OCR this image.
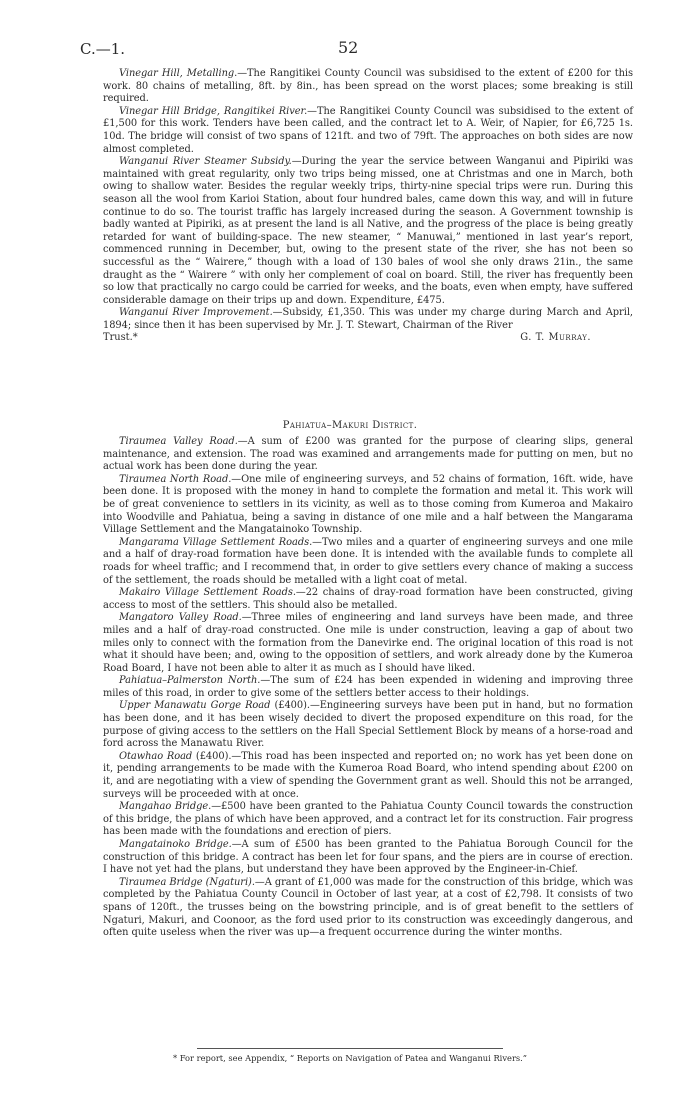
C.—1.	52

Vinegar Hill, Metalling.—The Rangitikei County Council was subsidised to the extent of £200 for this work. 80 chains of metalling, 8ft. by 8in., has been spread on the worst places; some breaking is still required.

Vinegar Hill Bridge, Rangitikei River.—The Rangitikei County Council was subsidised to the extent of £1,500 for this work. Tenders have been called, and the contract let to A. Weir, of Napier, for £6,725 1s. 10d. The bridge will consist of two spans of 121ft. and two of 79ft. The approaches on both sides are now almost completed.

Wanganui River Steamer Subsidy.—During the year the service between Wanganui and Pipiriki was maintained with great regularity, only two trips being missed, one at Christmas and one in March, both owing to shallow water. Besides the regular weekly trips, thirty-nine special trips were run. During this season all the wool from Karioi Station, about four hundred bales, came down this way, and will in future continue to do so. The tourist traffic has largely increased during the season. A Government township is badly wanted at Pipiriki, as at present the land is all Native, and the progress of the place is being greatly retarded for want of building-space. The new steamer, “ Manuwai,” mentioned in last year’s report, commenced running in December, but, owing to the present state of the river, she has not been so successful as the “ Wairere,” though with a load of 130 bales of wool she only draws 21in., the same draught as the “ Wairere ” with only her complement of coal on board. Still, the river has frequently been so low that practically no cargo could be carried for weeks, and the boats, even when empty, have suffered considerable damage on their trips up and down. Expenditure, £475.

Wanganui River Improvement.—Subsidy, £1,350. This was under my charge during March and April, 1894; since then it has been supervised by Mr. J. T. Stewart, Chairman of the River

Trust.*	G. T. Murray.
Pahiatua–Makuri District.

Tiraumea Valley Road.—A sum of £200 was granted for the purpose of clearing slips, general maintenance, and extension. The road was examined and arrangements made for putting on men, but no actual work has been done during the year.

Tiraumea North Road.—One mile of engineering surveys, and 52 chains of formation, 16ft. wide, have been done. It is proposed with the money in hand to complete the formation and metal it. This work will be of great convenience to settlers in its vicinity, as well as to those coming from Kumeroa and Makairo into Woodville and Pahiatua, being a saving in distance of one mile and a half between the Mangarama Village Settlement and the Mangatainoko Township.

Mangarama Village Settlement Roads.—Two miles and a quarter of engineering surveys and one mile and a half of dray-road formation have been done. It is intended with the available funds to complete all roads for wheel traffic; and I recommend that, in order to give settlers every chance of making a success of the settlement, the roads should be metalled with a light coat of metal.

Makairo Village Settlement Roads.—22 chains of dray-road formation have been constructed, giving access to most of the settlers. This should also be metalled.

Mangatoro Valley Road.—Three miles of engineering and land surveys have been made, and three miles and a half of dray-road constructed. One mile is under construction, leaving a gap of about two miles only to connect with the formation from the Danevirke end. The original location of this road is not what it should have been; and, owing to the opposition of settlers, and work already done by the Kumeroa Road Board, I have not been able to alter it as much as I should have liked.

Pahiatua–Palmerston North.—The sum of £24 has been expended in widening and improving three miles of this road, in order to give some of the settlers better access to their holdings.

Upper Manawatu Gorge Road (£400).—Engineering surveys have been put in hand, but no formation has been done, and it has been wisely decided to divert the proposed expenditure on this road, for the purpose of giving access to the settlers on the Hall Special Settlement Block by means of a horse-road and ford across the Manawatu River.

Otawhao Road (£400).—This road has been inspected and reported on; no work has yet been done on it, pending arrangements to be made with the Kumeroa Road Board, who intend spending about £200 on it, and are negotiating with a view of spending the Government grant as well. Should this not be arranged, surveys will be proceeded with at once.

Mangahao Bridge.—£500 have been granted to the Pahiatua County Council towards the construction of this bridge, the plans of which have been approved, and a contract let for its construction. Fair progress has been made with the foundations and erection of piers.

Mangatainoko Bridge.—A sum of £500 has been granted to the Pahiatua Borough Council for the construction of this bridge. A contract has been let for four spans, and the piers are in course of erection. I have not yet had the plans, but understand they have been approved by the Engineer-in-Chief.

Tiraumea Bridge (Ngaturi).—A grant of £1,000 was made for the construction of this bridge, which was completed by the Pahiatua County Council in October of last year, at a cost of £2,798. It consists of two spans of 120ft., the trusses being on the bowstring principle, and is of great benefit to the settlers of Ngaturi, Makuri, and Coonoor, as the ford used prior to its construction was exceedingly dangerous, and often quite useless when the river was up—a frequent occurrence during the winter months.

* For report, see Appendix, “ Reports on Navigation of Patea and Wanganui Rivers.”
